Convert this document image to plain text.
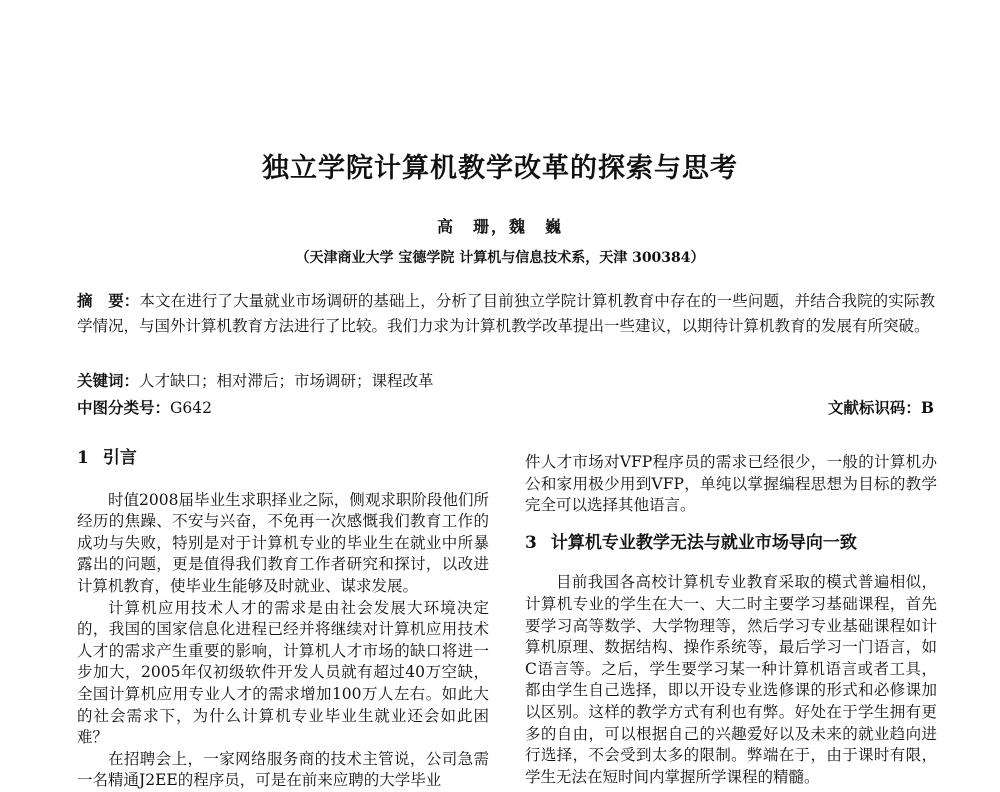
独立学院计算机教学改革的探索与思考
高　珊，魏　巍
（天津商业大学 宝德学院 计算机与信息技术系，天津 300384）

摘　要：本文在进行了大量就业市场调研的基础上，分析了目前独立学院计算机教育中存在的一些问题，并结合我院的实际教学情况，与国外计算机教育方法进行了比较。我们力求为计算机教学改革提出一些建议，以期待计算机教育的发展有所突破。

关键词：人才缺口；相对滞后；市场调研；课程改革
中图分类号：G642	文献标识码：B
1 引言

时值2008届毕业生求职择业之际，侧观求职阶段他们所经历的焦躁、不安与兴奋，不免再一次感慨我们教育工作的成功与失败，特别是对于计算机专业的毕业生在就业中所暴露出的问题，更是值得我们教育工作者研究和探讨，以改进计算机教育，使毕业生能够及时就业、谋求发展。

计算机应用技术人才的需求是由社会发展大环境决定的，我国的国家信息化进程已经并将继续对计算机应用技术人才的需求产生重要的影响，计算机人才市场的缺口将进一步加大，2005年仅初级软件开发人员就有超过40万空缺，全国计算机应用专业人才的需求增加100万人左右。如此大的社会需求下，为什么计算机专业毕业生就业还会如此困难？

在招聘会上，一家网络服务商的技术主管说，公司急需一名精通J2EE的程序员，可是在前来应聘的大学毕业

件人才市场对VFP程序员的需求已经很少，一般的计算机办公和家用极少用到VFP，单纯以掌握编程思想为目标的教学完全可以选择其他语言。

3 计算机专业教学无法与就业市场导向一致

目前我国各高校计算机专业教育采取的模式普遍相似，计算机专业的学生在大一、大二时主要学习基础课程，首先要学习高等数学、大学物理等，然后学习专业基础课程如计算机原理、数据结构、操作系统等，最后学习一门语言，如C语言等。之后，学生要学习某一种计算机语言或者工具，都由学生自己选择，即以开设专业选修课的形式和必修课加以区别。这样的教学方式有利也有弊。好处在于学生拥有更多的自由，可以根据自己的兴趣爱好以及未来的就业趋向进行选择，不会受到太多的限制。弊端在于，由于课时有限，学生无法在短时间内掌握所学课程的精髓。
